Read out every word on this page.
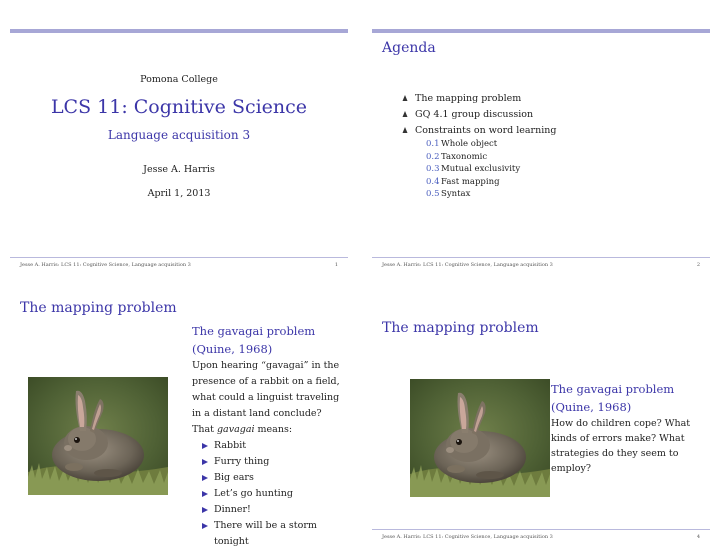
Pomona College
LCS 11: Cognitive Science
Language acquisition 3
Jesse A. Harris
April 1, 2013
Jesse A. Harris: LCS 11: Cognitive Science, Language acquisition 3	1
Agenda
The mapping problem
GQ 4.1 group discussion
Constraints on word learning
0.1Whole object
0.2Taxonomic
0.3Mutual exclusivity
0.4Fast mapping
0.5Syntax
Jesse A. Harris: LCS 11: Cognitive Science, Language acquisition 3	2
The mapping problem
The gavagai problem
(Quine, 1968)
Upon hearing “gavagai” in the
presence of a rabbit on a field,
what could a linguist traveling
in a distant land conclude?
That gavagai means:
Rabbit
Furry thing
Big ears
Let’s go hunting
Dinner!
There will be a storm
tonight
The mapping problem
The gavagai problem
(Quine, 1968)
How do children cope? What
kinds of errors make? What
strategies do they seem to
employ?
Jesse A. Harris: LCS 11: Cognitive Science, Language acquisition 3	4
